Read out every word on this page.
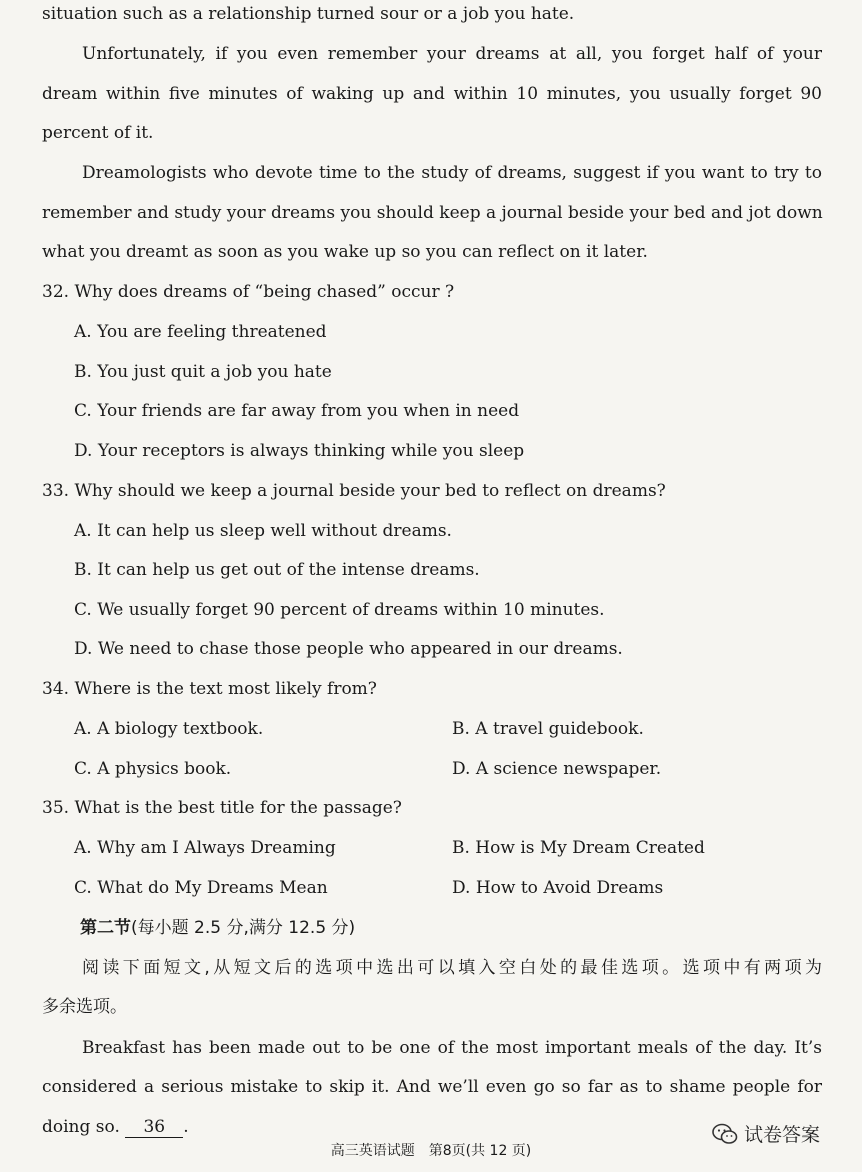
situation such as a relationship turned sour or a job you hate.
Unfortunately, if you even remember your dreams at all, you forget half of your
dream within five minutes of waking up and within 10 minutes, you usually forget 90
percent of it.
Dreamologists who devote time to the study of dreams, suggest if you want to try to
remember and study your dreams you should keep a journal beside your bed and jot down
what you dreamt as soon as you wake up so you can reflect on it later.
32. Why does dreams of “being chased” occur ?
A. You are feeling threatened
B. You just quit a job you hate
C. Your friends are far away from you when in need
D. Your receptors is always thinking while you sleep
33. Why should we keep a journal beside your bed to reflect on dreams?
A. It can help us sleep well without dreams.
B. It can help us get out of the intense dreams.
C. We usually forget 90 percent of dreams within 10 minutes.
D. We need to chase those people who appeared in our dreams.
34. Where is the text most likely from?
A. A biology textbook.	B. A travel guidebook.
C. A physics book.	D. A science newspaper.
35. What is the best title for the passage?
A. Why am I Always Dreaming	B. How is My Dream Created
C. What do My Dreams Mean	D. How to Avoid Dreams
第二节(每小题 2.5 分,满分 12.5 分)
阅读下面短文,从短文后的选项中选出可以填入空白处的最佳选项。选项中有两项为
多余选项。
Breakfast has been made out to be one of the most important meals of the day. It’s
considered a serious mistake to skip it. And we’ll even go so far as to shame people for
doing so. 36 .
高三英语试题　第8页(共 12 页)
试卷答案
